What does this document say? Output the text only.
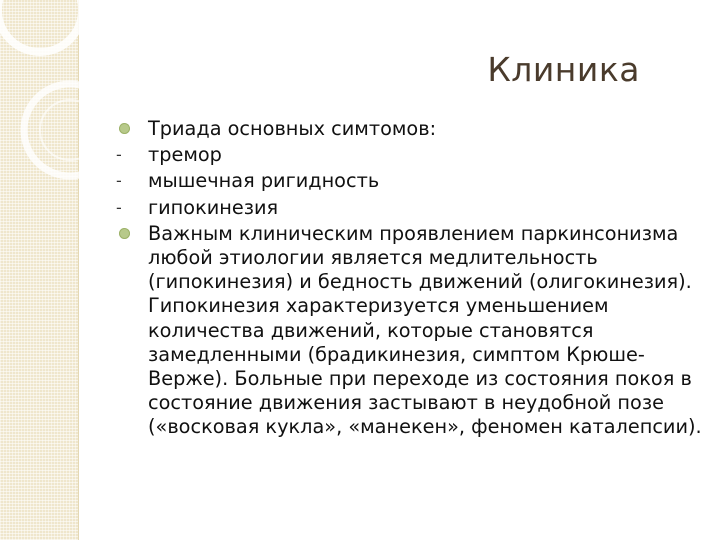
Клиника
Триада основных симтомов:
- тремор
- мышечная ригидность
- гипокинезия
Важным клиническим проявлением паркинсонизма любой этиологии является медлительность (гипокинезия) и бедность движений (олигокинезия). Гипокинезия характеризуется уменьшением количества движений, которые становятся замедленными (брадикинезия, симптом Крюше-Верже). Больные при переходе из состояния покоя в состояние движения застывают в неудобной позе («восковая кукла», «манекен», феномен каталепсии).
